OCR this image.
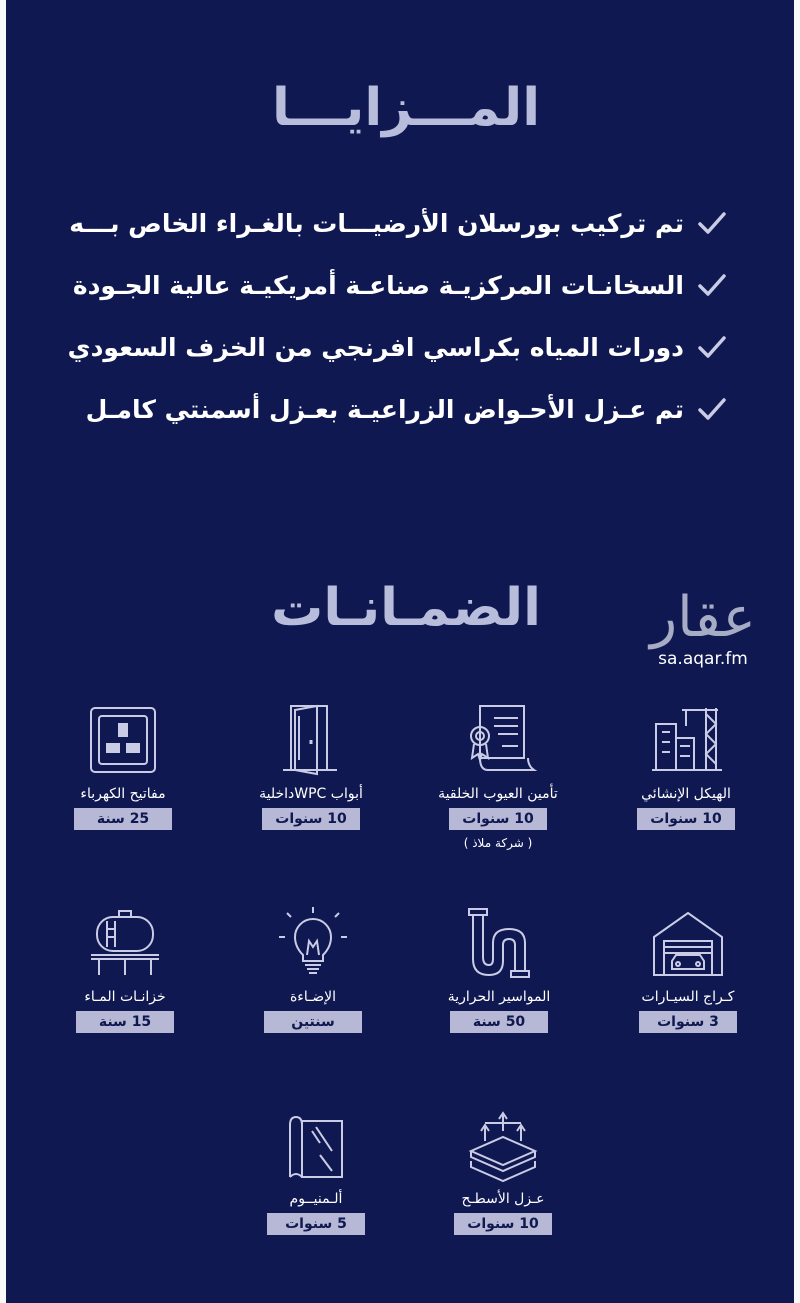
المـــزايـــا
تم تركيب بورسلان الأرضيـــات بالغـراء الخاص بـــه
السخانـات المركزيـة صناعـة أمريكيـة عالية الجـودة
دورات المياه بكراسي افرنجي من الخزف السعودي
تم عـزل الأحـواض الزراعيـة بعـزل أسمنتي كامـل
الضمـانـات	عقار
sa.aqar.fm
الهيكل الإنشائي
10 سنوات
تأمين العيوب الخلقية
10 سنوات
( شركة ملاذ )
أبواب WPCداخلية
10 سنوات
مفاتيح الكهرباء
25 سنة
كـراج السيـارات
3 سنوات
المواسير الحرارية
50 سنة
الإضـاءة
سنتين
خزانـات المـاء
15 سنة
عـزل الأسطـح
10 سنوات
ألـمنيــوم
5 سنوات
